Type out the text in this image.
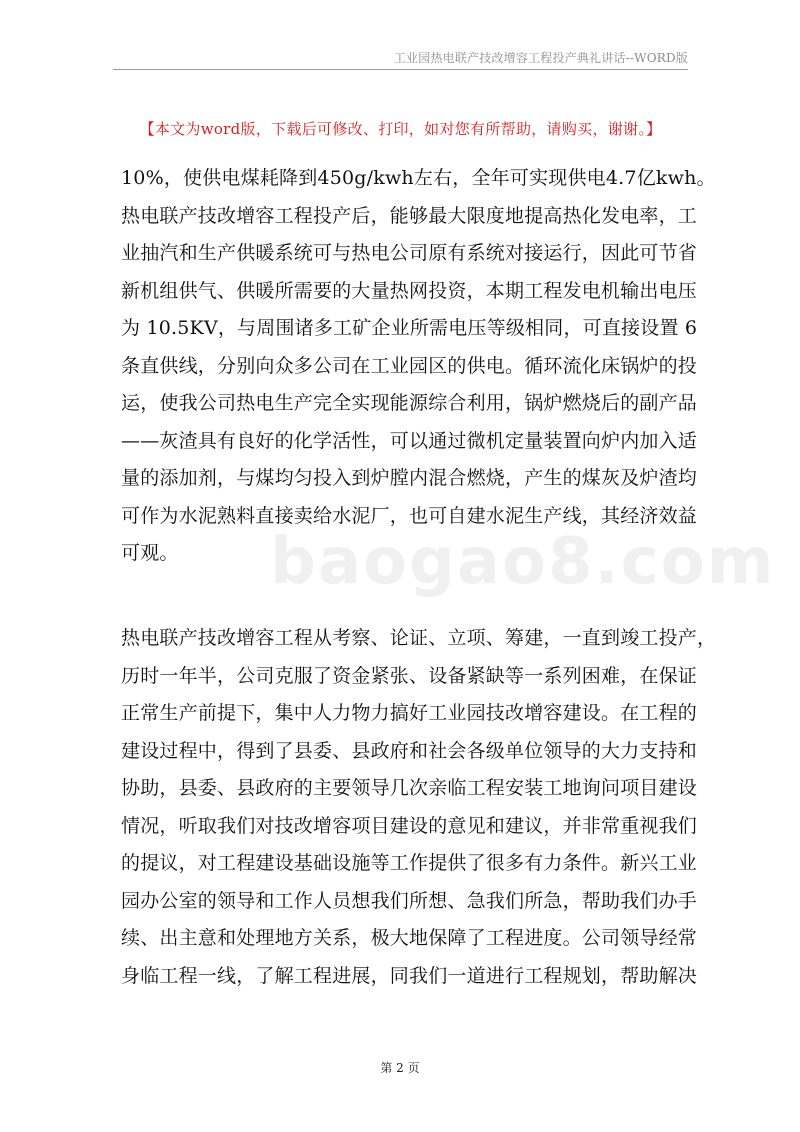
工业园热电联产技改增容工程投产典礼讲话--WORD版
【本文为word版，下载后可修改、打印，如对您有所帮助，请购买，谢谢。】
baogao8.com
10%，使供电煤耗降到450g/kwh左右，全年可实现供电4.7亿kwh。
热电联产技改增容工程投产后，能够最大限度地提高热化发电率，工
业抽汽和生产供暖系统可与热电公司原有系统对接运行，因此可节省
新机组供气、供暖所需要的大量热网投资，本期工程发电机输出电压
为 10.5KV，与周围诸多工矿企业所需电压等级相同，可直接设置 6
条直供线，分别向众多公司在工业园区的供电。循环流化床锅炉的投
运，使我公司热电生产完全实现能源综合利用，锅炉燃烧后的副产品
——灰渣具有良好的化学活性，可以通过微机定量装置向炉内加入适
量的添加剂，与煤均匀投入到炉膛内混合燃烧，产生的煤灰及炉渣均
可作为水泥熟料直接卖给水泥厂，也可自建水泥生产线，其经济效益
可观。
热电联产技改增容工程从考察、论证、立项、筹建，一直到竣工投产，
历时一年半，公司克服了资金紧张、设备紧缺等一系列困难，在保证
正常生产前提下，集中人力物力搞好工业园技改增容建设。在工程的
建设过程中，得到了县委、县政府和社会各级单位领导的大力支持和
协助，县委、县政府的主要领导几次亲临工程安装工地询问项目建设
情况，听取我们对技改增容项目建设的意见和建议，并非常重视我们
的提议，对工程建设基础设施等工作提供了很多有力条件。新兴工业
园办公室的领导和工作人员想我们所想、急我们所急，帮助我们办手
续、出主意和处理地方关系，极大地保障了工程进度。公司领导经常
身临工程一线，了解工程进展，同我们一道进行工程规划，帮助解决
第 2 页
